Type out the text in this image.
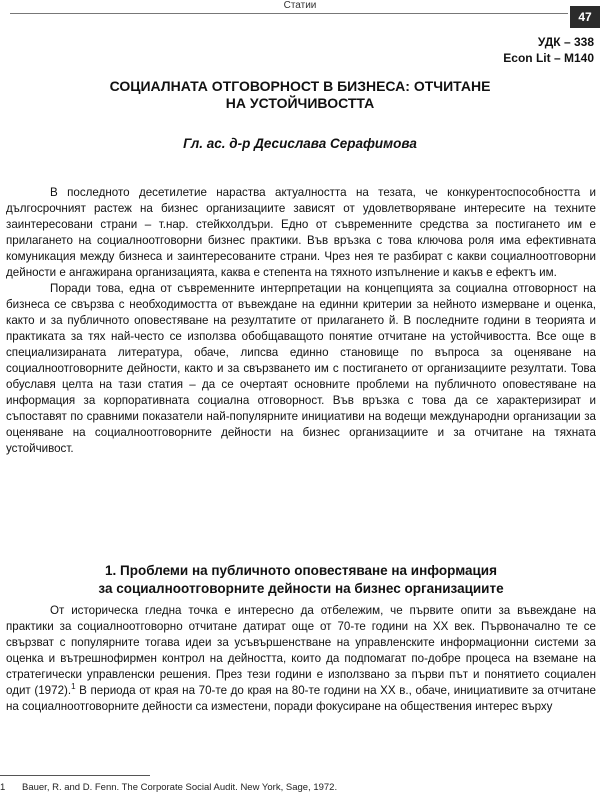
Статии
47
УДК – 338
Econ Lit – M140
СОЦИАЛНАТА ОТГОВОРНОСТ В БИЗНЕСА: ОТЧИТАНЕ
НА УСТОЙЧИВОСТТА
Гл. ас. д-р Десислава Серафимова

В последното десетилетие нараства актуалността на тезата, че конкурентоспособността и дългосрочният растеж на бизнес организациите зависят от удовлетворяване интересите на техните заинтересовани страни – т.нар. стейкхолдъри. Едно от съвременните средства за постигането им е прилагането на социалноотговорни бизнес практики. Във връзка с това ключова роля има ефективната комуникация между бизнеса и заинтересованите страни. Чрез нея те разбират с какви социалноотговорни дейности е ангажирана организацията, каква е степента на тяхното изпълнение и какъв е ефектъ им.

Поради това, една от съвременните интерпретации на концепцията за социална отговорност на бизнеса се свързва с необходимостта от въвеждане на единни критерии за нейното измерване и оценка, както и за публичното оповестяване на резултатите от прилагането й. В последните години в теорията и практиката за тях най-често се използва обобщаващото понятие отчитане на устойчивостта. Все още в специализираната литература, обаче, липсва единно становище по въпроса за оценяване на социалноотговорните дейности, както и за свързването им с постигането от организациите резултати. Това обуславя целта на тази статия – да се очертаят основните проблеми на публичното оповестяване на информация за корпоративната социална отговорност. Във връзка с това да се характеризират и съпоставят по сравними показатели най-популярните инициативи на водещи международни организации за оценяване на социалноотговорните дейности на бизнес организациите и за отчитане на тяхната устойчивост.

1. Проблеми на публичното оповестяване на информация
за социалноотговорните дейности на бизнес организациите

От историческа гледна точка е интересно да отбележим, че първите опити за въвеждане на практики за социалноотговорно отчитане датират още от 70-те години на ХХ век. Първоначално те се свързват с популярните тогава идеи за усъвършенстване на управленските информационни системи за оценка и вътрешнофирмен контрол на дейността, които да подпомагат по-добре процеса на вземане на стратегически управленски решения. През тези години е използвано за първи път и понятието социален одит (1972).$^1$ В периода от края на 70-те до края на 80-те години на ХХ в., обаче, инициативите за отчитане на социалноотговорните дейности са изместени, поради фокусиране на обществения интерес върху

1 Bauer, R. and D. Fenn. The Corporate Social Audit. New York, Sage, 1972.
